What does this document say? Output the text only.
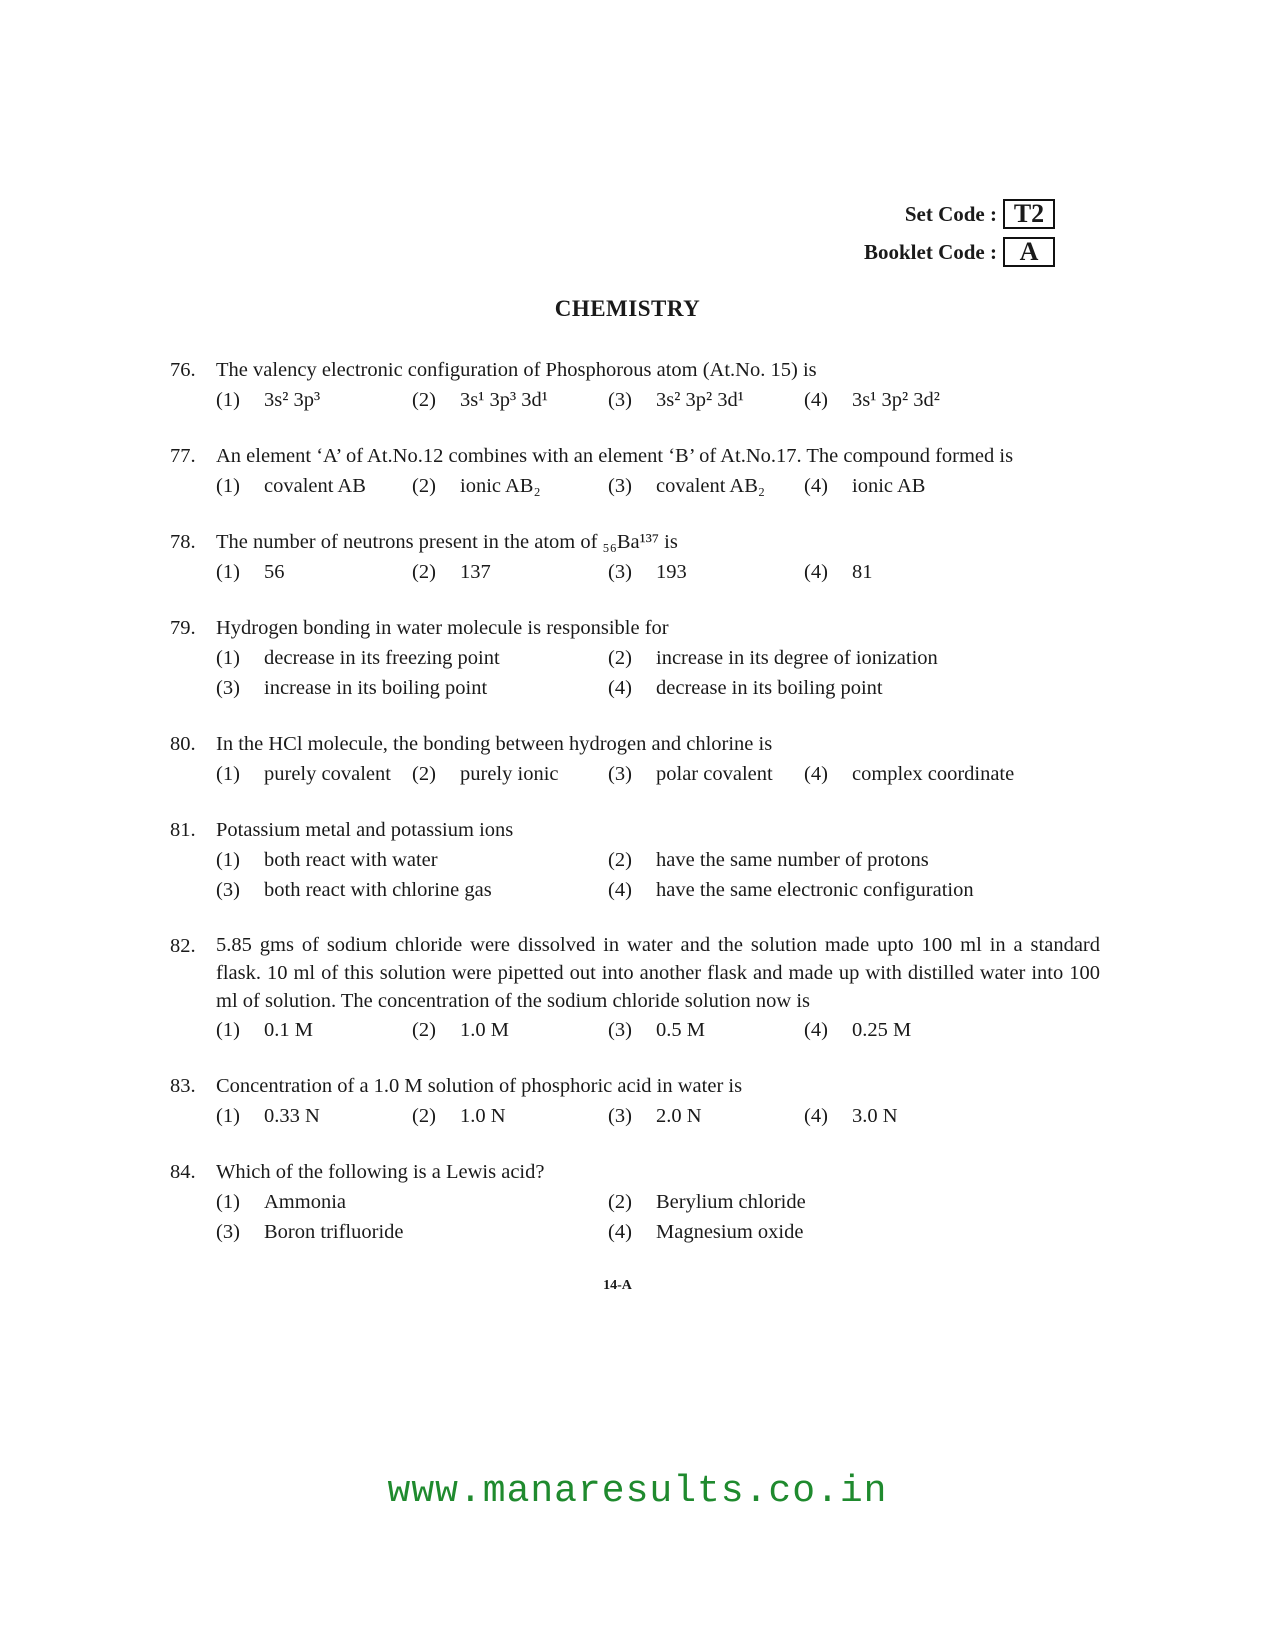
Set Code : T2
Booklet Code : A
CHEMISTRY
76. The valency electronic configuration of Phosphorous atom (At.No. 15) is
(1)	3s² 3p³	(2)	3s¹ 3p³ 3d¹	(3)	3s² 3p² 3d¹	(4)	3s¹ 3p² 3d²
77. An element ‘A’ of At.No.12 combines with an element ‘B’ of At.No.17. The compound formed is
(1)	covalent AB (2)	ionic AB₂	(3)	covalent AB₂ (4)	ionic AB
78. The number of neutrons present in the atom of ₅₆Ba¹³⁷ is
(1)	56	(2)	137	(3)	193	(4)	81
79. Hydrogen bonding in water molecule is responsible for
(1)	decrease in its freezing point	(2)	increase in its degree of ionization
(3)	increase in its boiling point	(4)	decrease in its boiling point
80. In the HCl molecule, the bonding between hydrogen and chlorine is
(1)	purely covalent (2)	purely ionic (3)	polar covalent (4)	complex coordinate
81. Potassium metal and potassium ions
(1)	both react with water	(2)	have the same number of protons
(3)	both react with chlorine gas	(4)	have the same electronic configuration
82. 5.85 gms of sodium chloride were dissolved in water and the solution made upto 100 ml in a standard flask. 10 ml of this solution were pipetted out into another flask and made up with distilled water into 100 ml of solution. The concentration of the sodium chloride solution now is
(1)	0.1 M	(2)	1.0 M	(3)	0.5 M	(4)	0.25 M
83. Concentration of a 1.0 M solution of phosphoric acid in water is
(1)	0.33 N	(2)	1.0 N	(3)	2.0 N	(4)	3.0 N
84. Which of the following is a Lewis acid?
(1)	Ammonia	(2)	Berylium chloride
(3)	Boron trifluoride	(4)	Magnesium oxide
14-A
www.manaresults.co.in
